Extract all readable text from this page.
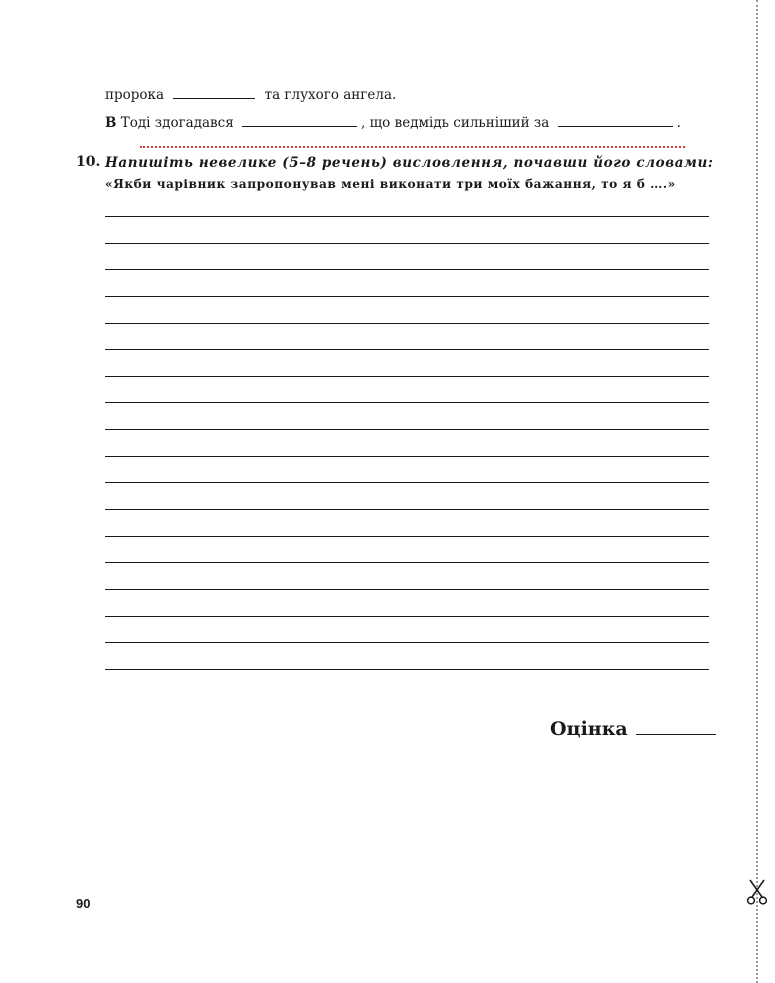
пророка	та глухого ангела.
В Тоді здогадався	, що ведмідь сильніший за	.
10. Напишіть невелике (5–8 речень) висловлення, почавши його словами:
«Якби чарівник запропонував мені виконати три моїх бажання, то я б ….»
Оцінка
90
